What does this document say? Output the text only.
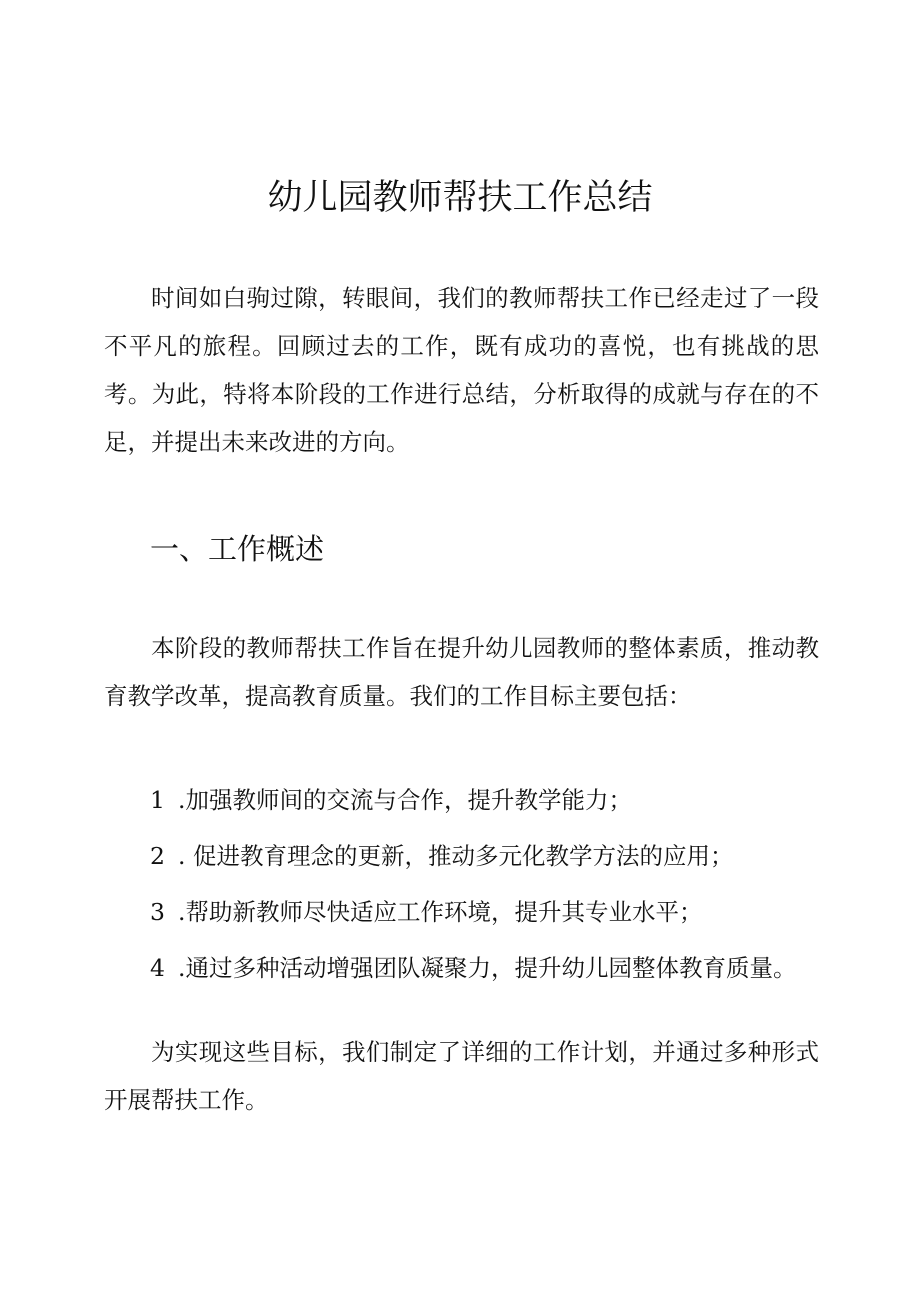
幼儿园教师帮扶工作总结

时间如白驹过隙，转眼间，我们的教师帮扶工作已经走过了一段不平凡的旅程。回顾过去的工作，既有成功的喜悦，也有挑战的思考。为此，特将本阶段的工作进行总结，分析取得的成就与存在的不足，并提出未来改进的方向。

一、工作概述

本阶段的教师帮扶工作旨在提升幼儿园教师的整体素质，推动教育教学改革，提高教育质量。我们的工作目标主要包括：

1 .加强教师间的交流与合作，提升教学能力；
2 . 促进教育理念的更新，推动多元化教学方法的应用；
3 .帮助新教师尽快适应工作环境，提升其专业水平；
4 .通过多种活动增强团队凝聚力，提升幼儿园整体教育质量。

为实现这些目标，我们制定了详细的工作计划，并通过多种形式开展帮扶工作。
